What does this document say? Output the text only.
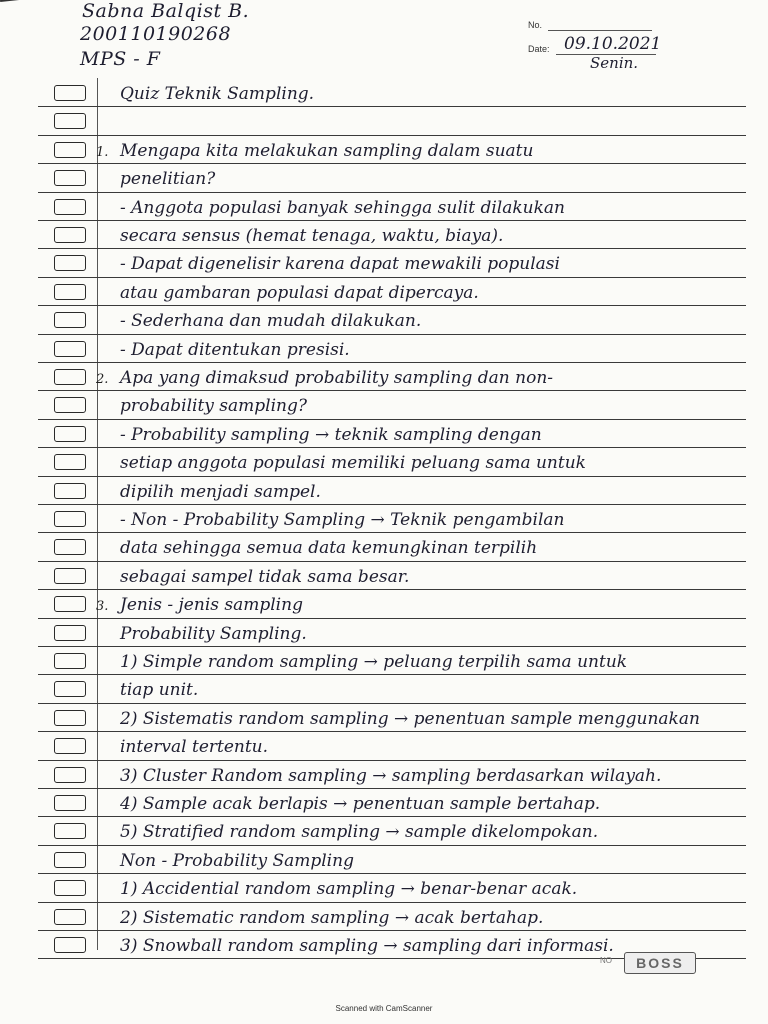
Sabna Balqist B.
200110190268
MPS - F
No.
Date: 09.10.2021
Senin.
Quiz Teknik Sampling.
1. Mengapa kita melakukan sampling dalam suatu
penelitian?
- Anggota populasi banyak sehingga sulit dilakukan
secara sensus (hemat tenaga, waktu, biaya).
- Dapat digenelisir karena dapat mewakili populasi
atau gambaran populasi dapat dipercaya.
- Sederhana dan mudah dilakukan.
- Dapat ditentukan presisi.
2. Apa yang dimaksud probability sampling dan non-
probability sampling?
- Probability sampling → teknik sampling dengan
setiap anggota populasi memiliki peluang sama untuk
dipilih menjadi sampel.
- Non - Probability Sampling → Teknik pengambilan
data sehingga semua data kemungkinan terpilih
sebagai sampel tidak sama besar.
3. Jenis - jenis sampling
Probability Sampling.
1) Simple random sampling → peluang terpilih sama untuk
tiap unit.
2) Sistematis random sampling → penentuan sample menggunakan
interval tertentu.
3) Cluster Random sampling → sampling berdasarkan wilayah.
4) Sample acak berlapis → penentuan sample bertahap.
5) Stratified random sampling → sample dikelompokan.
Non - Probability Sampling
1) Accidential random sampling → benar-benar acak.
2) Sistematic random sampling → acak bertahap.
3) Snowball random sampling → sampling dari informasi.
NO	BOSS
Scanned with CamScanner
